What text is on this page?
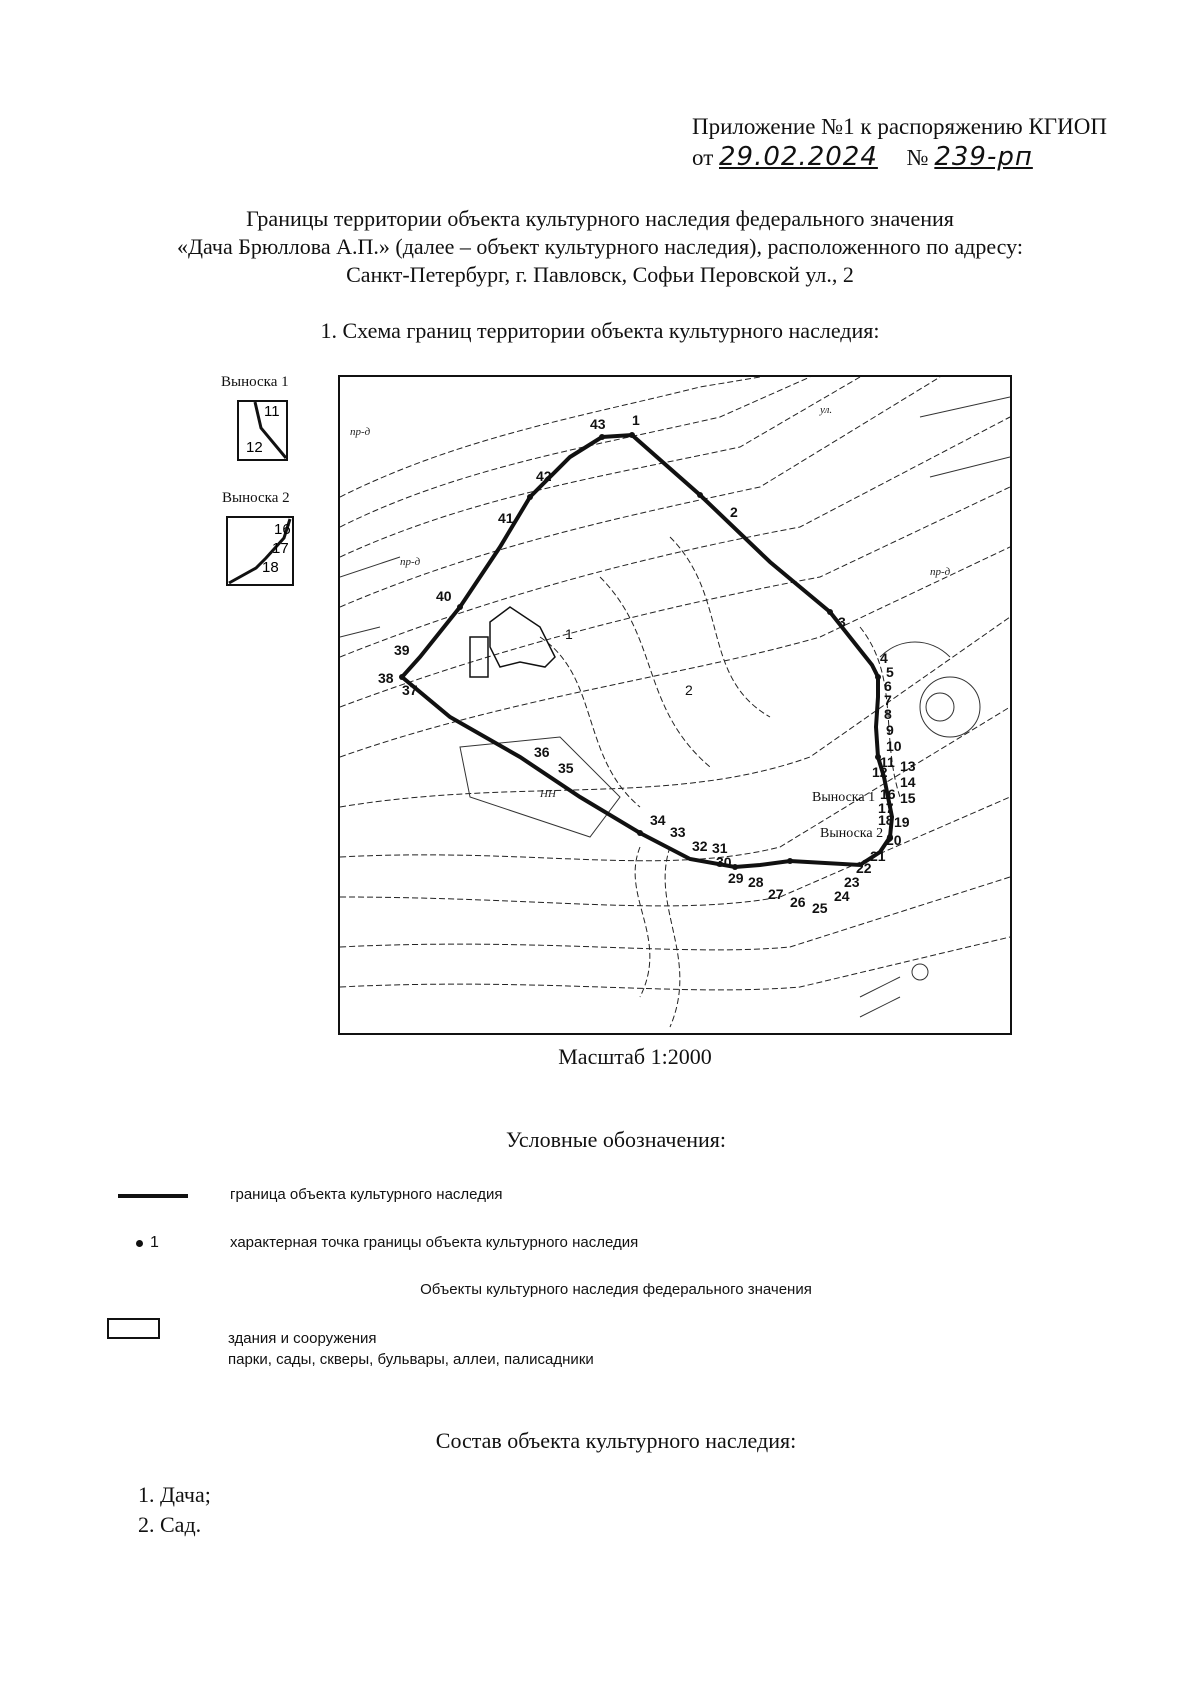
Приложение №1 к распоряжению КГИОП
от 29.02.2024 № 239-рп
Границы территории объекта культурного наследия федерального значения
«Дача Брюллова А.П.» (далее – объект культурного наследия), расположенного по адресу:
Санкт-Петербург, г. Павловск, Софьи Перовской ул., 2
1. Схема границ территории объекта культурного наследия:
Выноска 1
11
12
Выноска 2
16
17
18
1
2
3
4
5
6
7
8
9
10
11
12 13
14
15
16
17
18 19
20
21
22
23
24
25
26
27
28
29
30
31
32
33
34
35
36
37
38
39
40
41
42
43
1
2
Выноска 1
Выноска 2
пр-д
пр-д
пр-д
ул.
НН
Масштаб 1:2000
Условные обозначения:
граница объекта культурного наследия
1	характерная точка границы объекта культурного наследия
Объекты культурного наследия федерального значения
здания и сооружения
парки, сады, скверы, бульвары, аллеи, палисадники
Состав объекта культурного наследия:
1. Дача;
2. Сад.
